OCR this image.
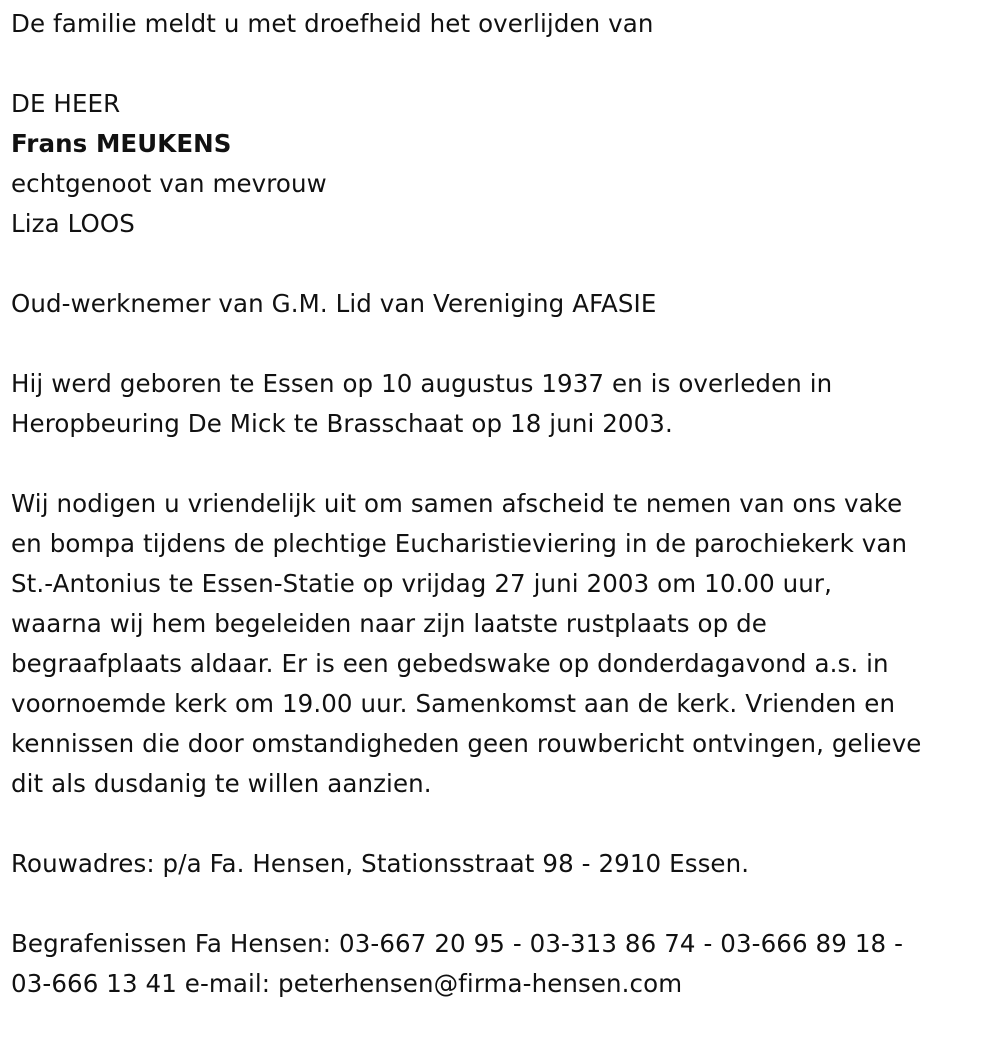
De familie meldt u met droefheid het overlijden van
DE HEER
Frans MEUKENS
echtgenoot van mevrouw
Liza LOOS
Oud-werknemer van G.M. Lid van Vereniging AFASIE
Hij werd geboren te Essen op 10 augustus 1937 en is overleden in
Heropbeuring De Mick te Brasschaat op 18 juni 2003.
Wij nodigen u vriendelijk uit om samen afscheid te nemen van ons vake
en bompa tijdens de plechtige Eucharistieviering in de parochiekerk van
St.-Antonius te Essen-Statie op vrijdag 27 juni 2003 om 10.00 uur,
waarna wij hem begeleiden naar zijn laatste rustplaats op de
begraafplaats aldaar. Er is een gebedswake op donderdagavond a.s. in
voornoemde kerk om 19.00 uur. Samenkomst aan de kerk. Vrienden en
kennissen die door omstandigheden geen rouwbericht ontvingen, gelieve
dit als dusdanig te willen aanzien.
Rouwadres: p/a Fa. Hensen, Stationsstraat 98 - 2910 Essen.
Begrafenissen Fa Hensen: 03-667 20 95 - 03-313 86 74 - 03-666 89 18 -
03-666 13 41 e-mail: peterhensen@firma-hensen.com
